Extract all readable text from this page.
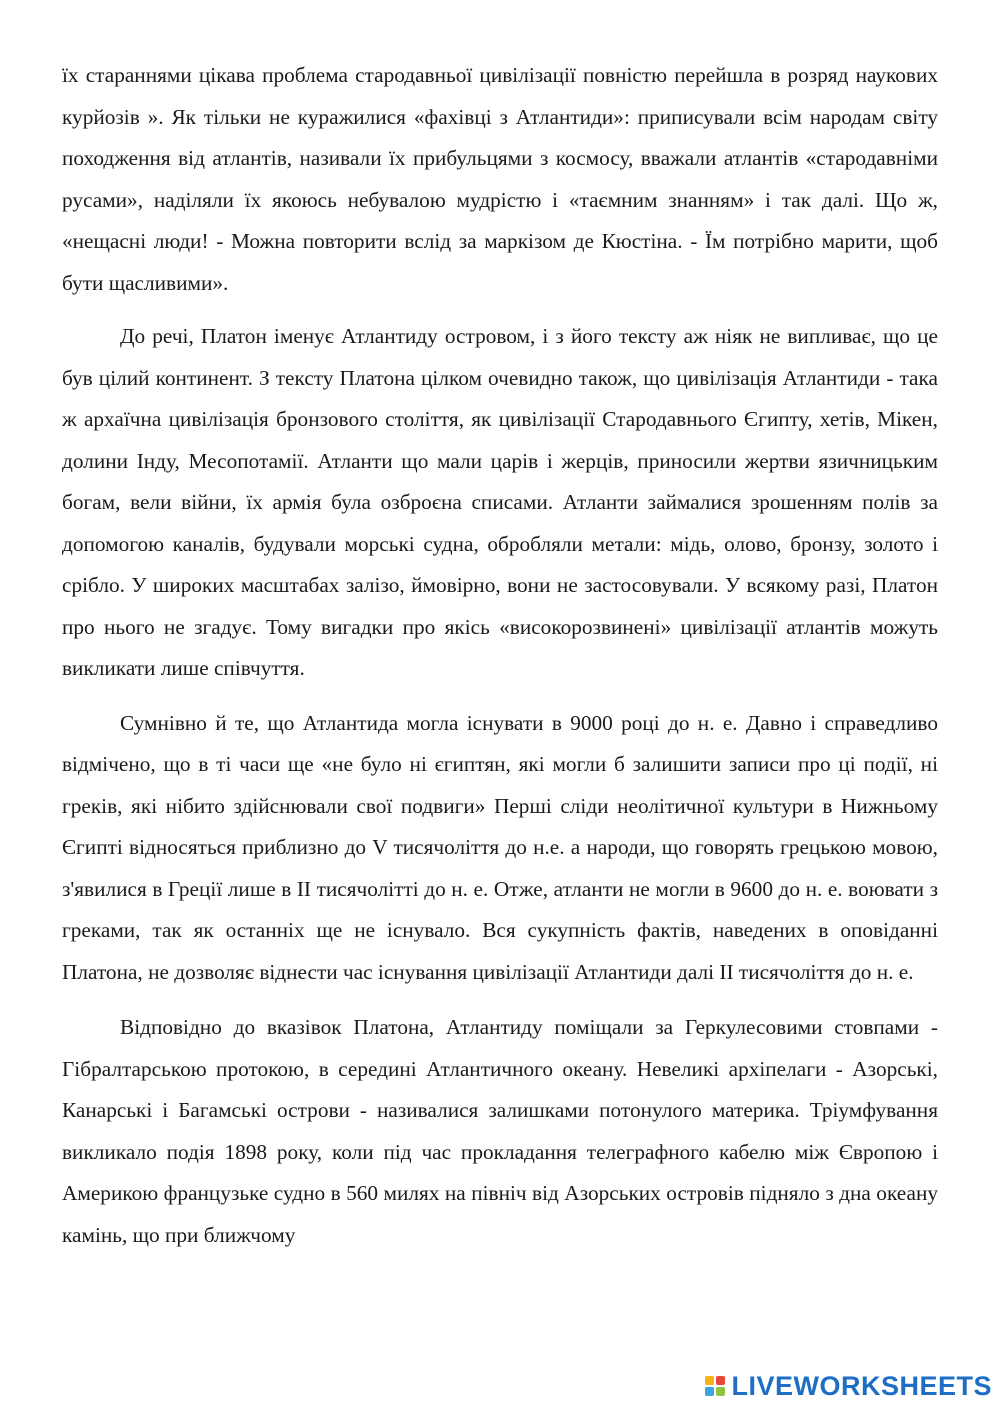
їх стараннями цікава проблема стародавньої цивілізації повністю перейшла в розряд наукових курйозів ». Як тільки не куражилися «фахівці з Атлантиди»: приписували всім народам світу походження від атлантів, називали їх прибульцями з космосу, вважали атлантів «стародавніми русами», наділяли їх якоюсь небувалою мудрістю і «таємним знанням» і так далі. Що ж, «нещасні люди! - Можна повторити вслід за маркізом де Кюстіна. - Їм потрібно марити, щоб бути щасливими».

До речі, Платон іменує Атлантиду островом, і з його тексту аж ніяк не випливає, що це був цілий континент. З тексту Платона цілком очевидно також, що цивілізація Атлантиди - така ж архаїчна цивілізація бронзового століття, як цивілізації Стародавнього Єгипту, хетів, Мікен, долини Інду, Месопотамії. Атланти що мали царів і жерців, приносили жертви язичницьким богам, вели війни, їх армія була озброєна списами. Атланти займалися зрошенням полів за допомогою каналів, будували морські судна, обробляли метали: мідь, олово, бронзу, золото і срібло. У широких масштабах залізо, ймовірно, вони не застосовували. У всякому разі, Платон про нього не згадує. Тому вигадки про якісь «високорозвинені» цивілізації атлантів можуть викликати лише співчуття.

Сумнівно й те, що Атлантида могла існувати в 9000 році до н. е. Давно і справедливо відмічено, що в ті часи ще «не було ні єгиптян, які могли б залишити записи про ці події, ні греків, які нібито здійснювали свої подвиги» Перші сліди неолітичної культури в Нижньому Єгипті відносяться приблизно до V тисячоліття до н.е. а народи, що говорять грецькою мовою, з'явилися в Греції лише в II тисячолітті до н. е. Отже, атланти не могли в 9600 до н. е. воювати з греками, так як останніх ще не існувало. Вся сукупність фактів, наведених в оповіданні Платона, не дозволяє віднести час існування цивілізації Атлантиди далі II тисячоліття до н. е.

Відповідно до вказівок Платона, Атлантиду поміщали за Геркулесовими стовпами - Гібралтарською протокою, в середині Атлантичного океану. Невеликі архіпелаги - Азорські, Канарські і Багамські острови - називалися залишками потонулого материка. Тріумфування викликало подія 1898 року, коли під час прокладання телеграфного кабелю між Європою і Америкою французьке судно в 560 милях на північ від Азорських островів підняло з дна океану камінь, що при ближчому

LIVEWORKSHEETS
